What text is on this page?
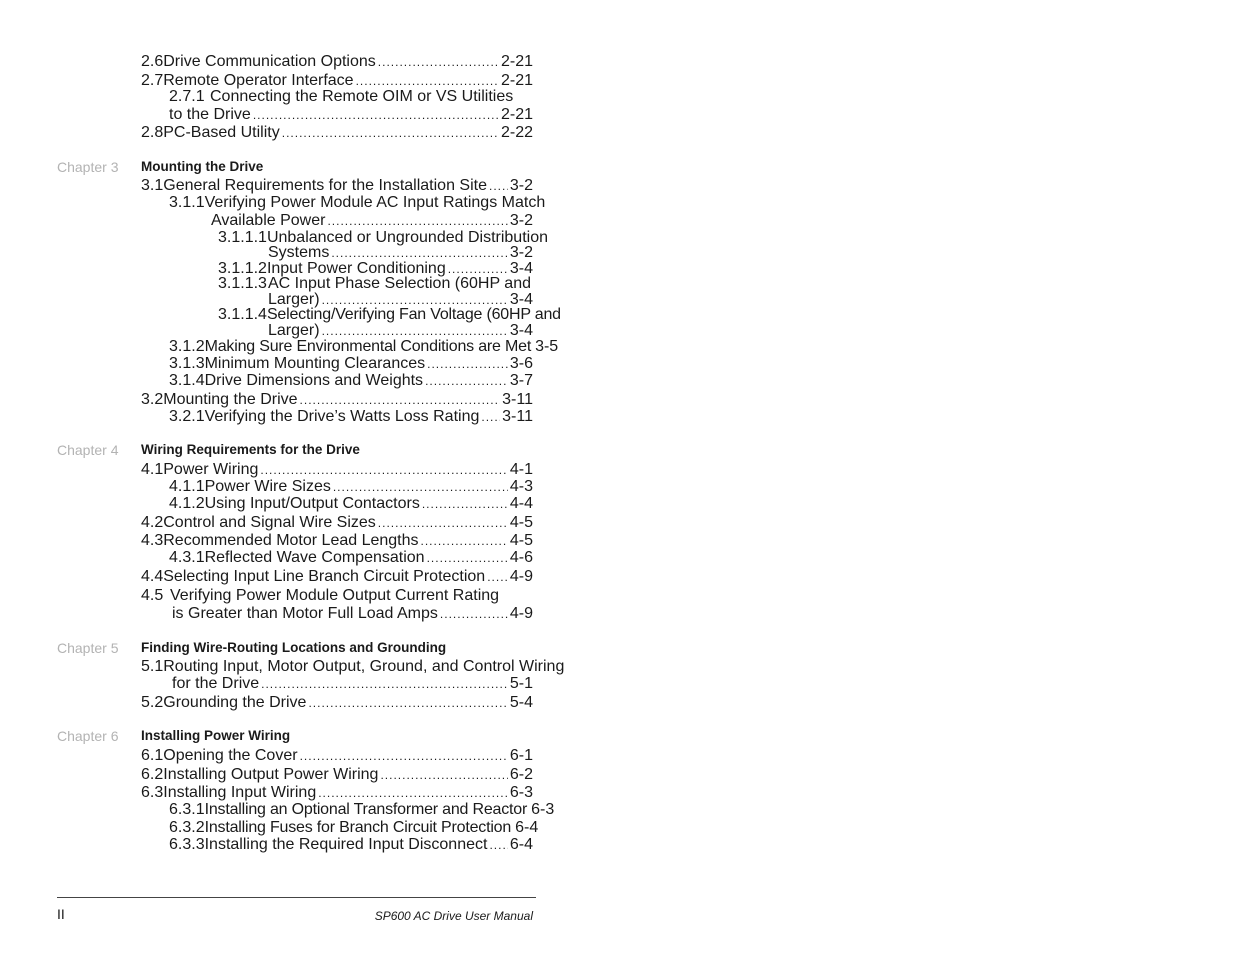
2.6 Drive Communication Options .....	2-21
2.7 Remote Operator Interface .....	2-21
2.7.1 Connecting the Remote OIM or VS Utilities
to the Drive .....	2-21
2.8 PC-Based Utility .....	2-22
Chapter 3 Mounting the Drive
3.1 General Requirements for the Installation Site ..... 3-2
3.1.1 Verifying Power Module AC Input Ratings Match
Available Power .....	3-2
3.1.1.1 Unbalanced or Ungrounded Distribution
Systems .....	3-2
3.1.1.2 Input Power Conditioning .....	3-4
3.1.1.3 AC Input Phase Selection (60HP and
Larger) .....	3-4
3.1.1.4 Selecting/Verifying Fan Voltage (60HP and
Larger) .....	3-4
3.1.2 Making Sure Environmental Conditions are Met 3-5
3.1.3 Minimum Mounting Clearances .....	3-6
3.1.4 Drive Dimensions and Weights .....	3-7
3.2 Mounting the Drive .....	3-11
3.2.1 Verifying the Drive’s Watts Loss Rating ..... 3-11
Chapter 4 Wiring Requirements for the Drive
4.1 Power Wiring .....	4-1
4.1.1 Power Wire Sizes .....	4-3
4.1.2 Using Input/Output Contactors .....	4-4
4.2 Control and Signal Wire Sizes .....	4-5
4.3 Recommended Motor Lead Lengths .....	4-5
4.3.1 Reflected Wave Compensation .....	4-6
4.4 Selecting Input Line Branch Circuit Protection ..... 4-9
4.5 Verifying Power Module Output Current Rating
is Greater than Motor Full Load Amps .....	4-9
Chapter 5 Finding Wire-Routing Locations and Grounding
5.1 Routing Input, Motor Output, Ground, and Control Wiring
for the Drive .....	5-1
5.2 Grounding the Drive .....	5-4
Chapter 6 Installing Power Wiring
6.1 Opening the Cover .....	6-1
6.2 Installing Output Power Wiring .....	6-2
6.3 Installing Input Wiring .....	6-3
6.3.1 Installing an Optional Transformer and Reactor 6-3
6.3.2 Installing Fuses for Branch Circuit Protection 6-4
6.3.3 Installing the Required Input Disconnect ..... 6-4
II	SP600 AC Drive User Manual
